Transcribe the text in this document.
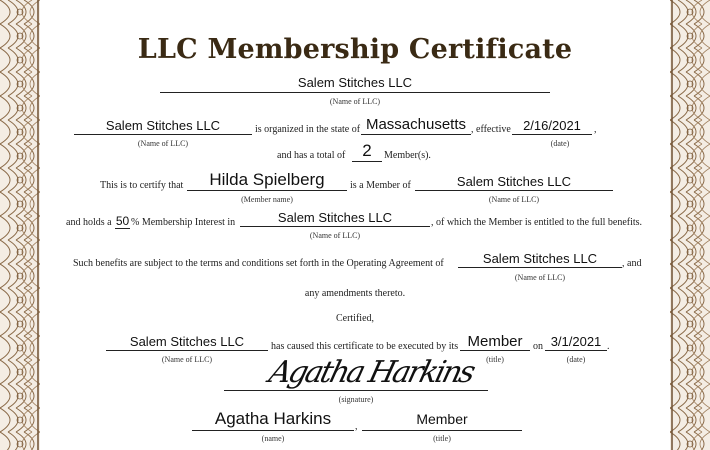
LLC Membership Certificate
Salem Stitches LLC
(Name of LLC)
Salem Stitches LLC
(Name of LLC)
is organized in the state of Massachusetts , effective 2/16/2021	,
(date)
and has a total of 2	Member(s).
This is to certify that	Hilda Spielberg
(Member name)
is a Member of	Salem Stitches LLC
(Name of LLC)
and holds a 50 % Membership Interest in	Salem Stitches LLC
(Name of LLC)
, of which the Member is entitled to the full benefits.
Such benefits are subject to the terms and conditions set forth in the Operating Agreement of	Salem Stitches LLC
(Name of LLC)
, and
any amendments thereto.
Certified,
Salem Stitches LLC
(Name of LLC)
has caused this certificate to be executed by its Member
(title)
on 3/1/2021 .
(date)
Agatha Harkins
(signature)
Agatha Harkins
(name)
,	Member
(title)
